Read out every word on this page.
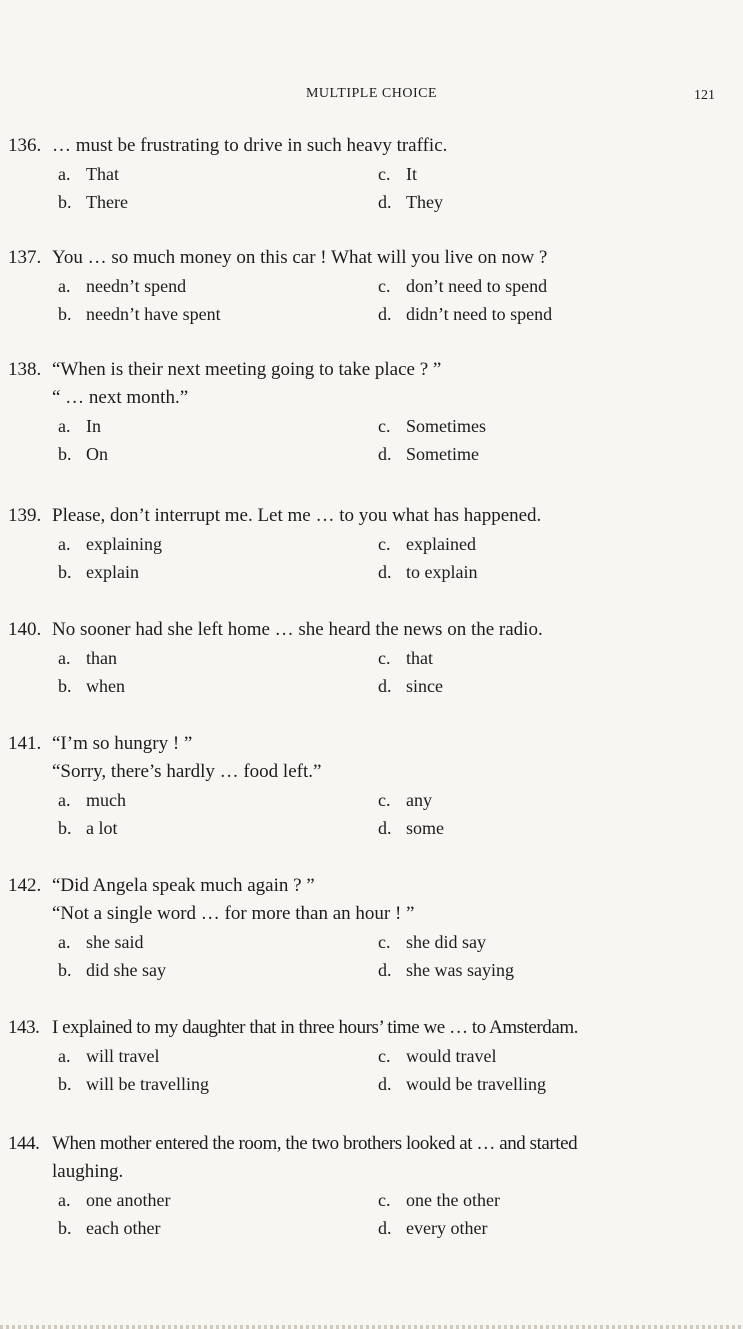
MULTIPLE CHOICE	121
136. … must be frustrating to drive in such heavy traffic.
a. That
b. There
c. It
d. They
137. You … so much money on this car ! What will you live on now ?
a. needn’t spend
b. needn’t have spent
c. don’t need to spend
d. didn’t need to spend
138. “When is their next meeting going to take place ? ”
“ … next month.”
a. In
b. On
c. Sometimes
d. Sometime
139. Please, don’t interrupt me. Let me … to you what has happened.
a. explaining
b. explain
c. explained
d. to explain
140. No sooner had she left home … she heard the news on the radio.
a. than
b. when
c. that
d. since
141. “I’m so hungry ! ”
“Sorry, there’s hardly … food left.”
a. much
b. a lot
c. any
d. some
142. “Did Angela speak much again ? ”
“Not a single word … for more than an hour ! ”
a. she said
b. did she say
c. she did say
d. she was saying
143. I explained to my daughter that in three hours’ time we … to Amsterdam.
a. will travel
b. will be travelling
c. would travel
d. would be travelling
144. When mother entered the room, the two brothers looked at … and started
laughing.
a. one another
b. each other
c. one the other
d. every other
